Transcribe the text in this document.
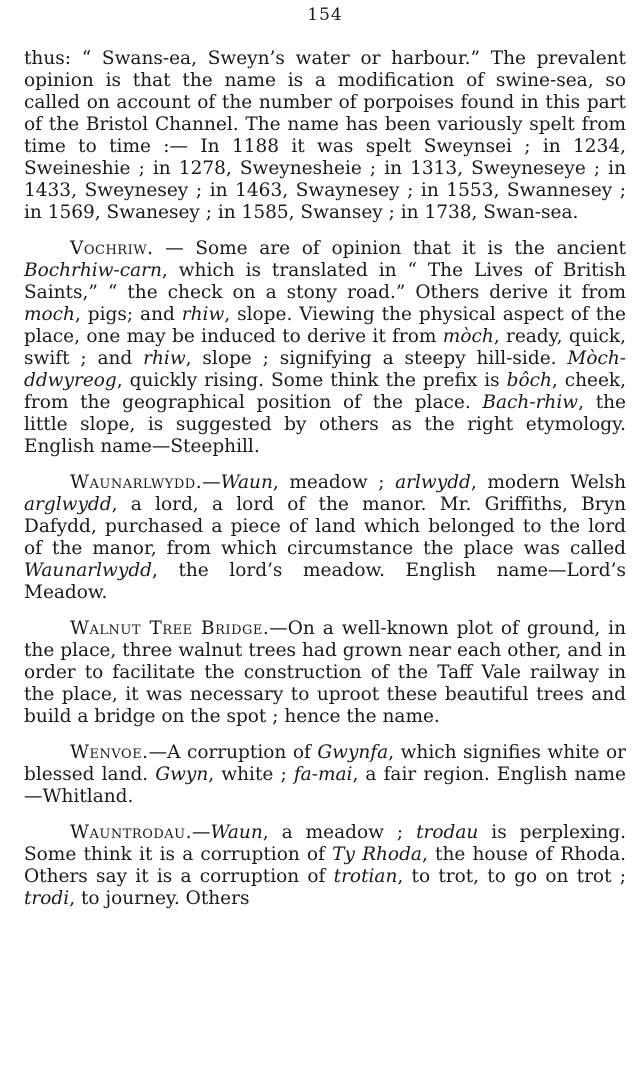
154

thus: “ Swans-ea, Sweyn’s water or harbour.” The prevalent opinion is that the name is a modification of swine-sea, so called on account of the number of porpoises found in this part of the Bristol Channel. The name has been variously spelt from time to time :— In 1188 it was spelt Sweynsei ; in 1234, Sweineshie ; in 1278, Sweynesheie ; in 1313, Sweyneseye ; in 1433, Sweynesey ; in 1463, Swaynesey ; in 1553, Swannesey ; in 1569, Swanesey ; in 1585, Swansey ; in 1738, Swan-sea.

Vochriw. — Some are of opinion that it is the ancient Bochrhiw-carn, which is translated in “ The Lives of British Saints,” “ the check on a stony road.” Others derive it from moch, pigs; and rhiw, slope. Viewing the physical aspect of the place, one may be induced to derive it from mòch, ready, quick, swift ; and rhiw, slope ; signifying a steepy hill-side. Mòch-ddwyreog, quickly rising. Some think the prefix is bôch, cheek, from the geographical position of the place. Bach-rhiw, the little slope, is suggested by others as the right etymology. English name—Steephill.

Waunarlwydd.—Waun, meadow ; arlwydd, modern Welsh arglwydd, a lord, a lord of the manor. Mr. Griffiths, Bryn Dafydd, purchased a piece of land which belonged to the lord of the manor, from which circumstance the place was called Waunarlwydd, the lord’s meadow. English name—Lord’s Meadow.

Walnut Tree Bridge.—On a well-known plot of ground, in the place, three walnut trees had grown near each other, and in order to facilitate the construction of the Taff Vale railway in the place, it was necessary to uproot these beautiful trees and build a bridge on the spot ; hence the name.

Wenvoe.—A corruption of Gwynfa, which signifies white or blessed land. Gwyn, white ; fa-mai, a fair region. English name—Whitland.

Wauntrodau.—Waun, a meadow ; trodau is perplexing. Some think it is a corruption of Ty Rhoda, the house of Rhoda. Others say it is a corruption of trotian, to trot, to go on trot ; trodi, to journey. Others
